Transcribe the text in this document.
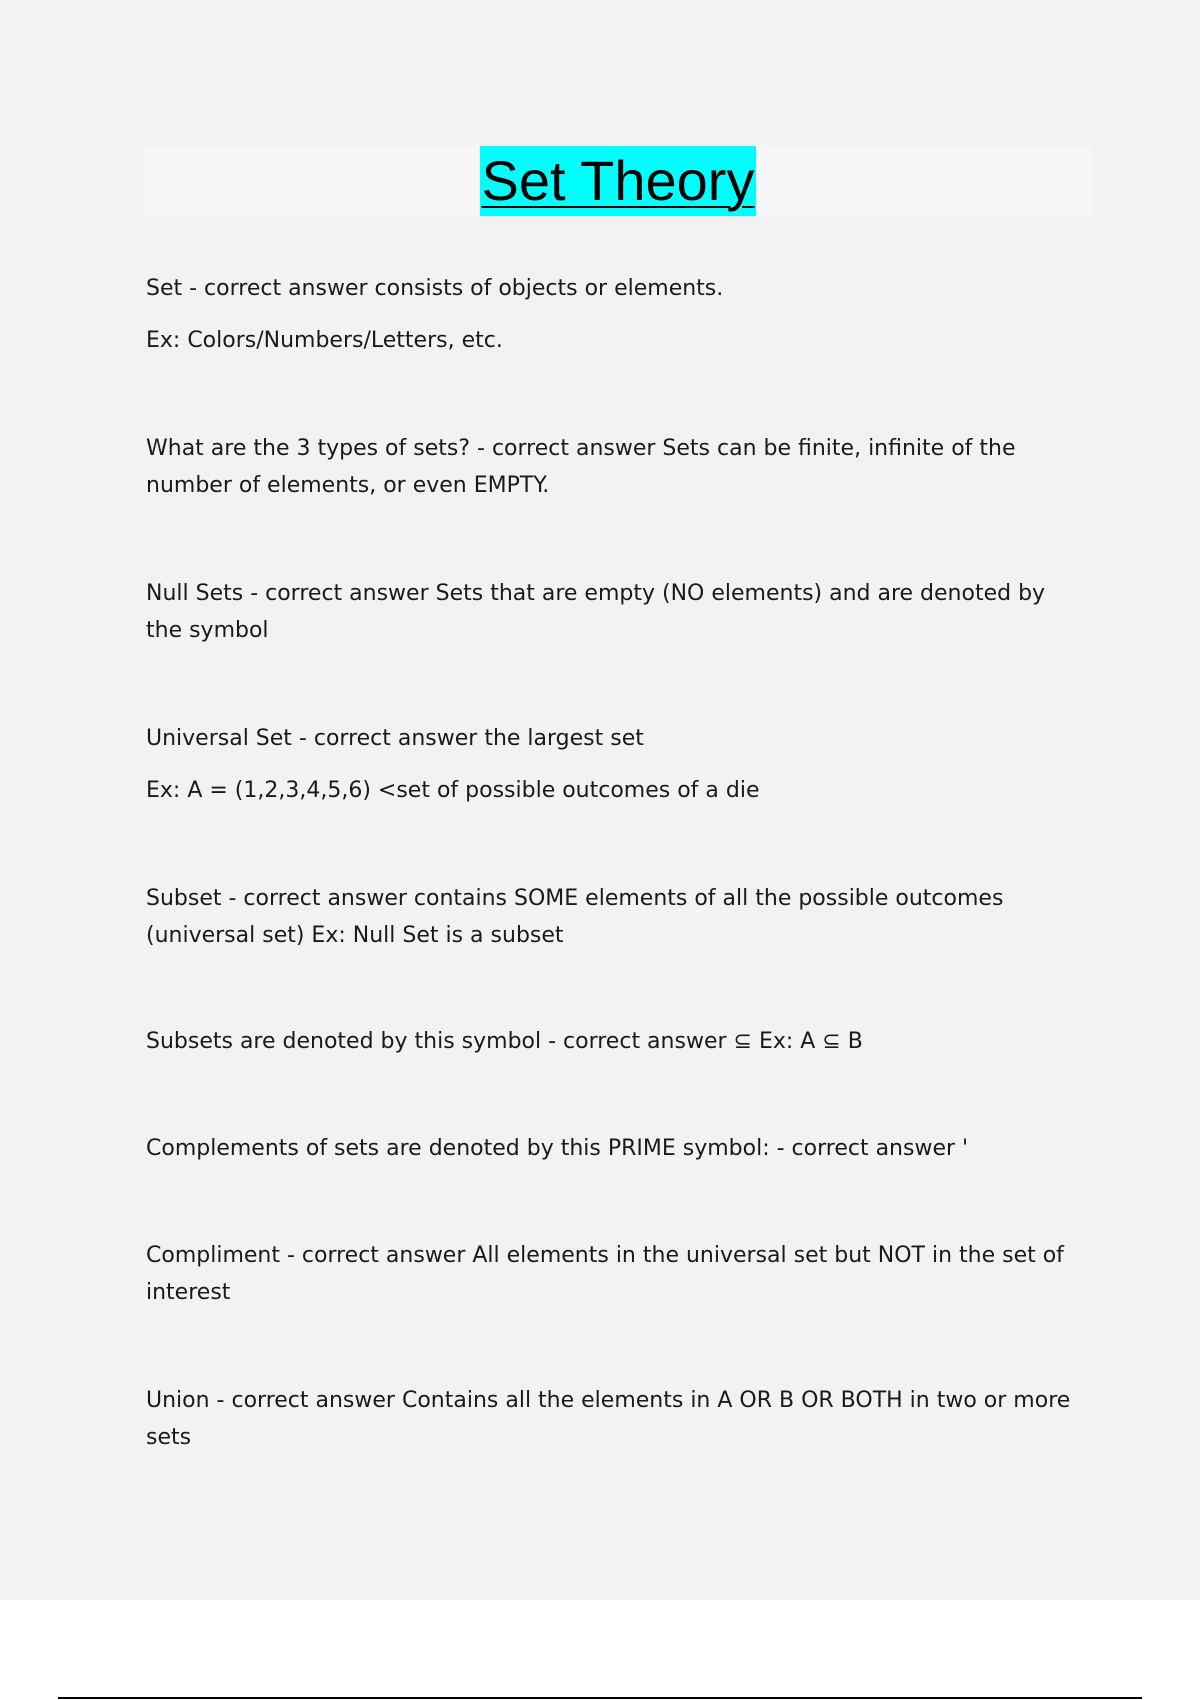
Set Theory

Set - correct answer consists of objects or elements.

Ex: Colors/Numbers/Letters, etc.

What are the 3 types of sets? - correct answer Sets can be finite, infinite of the number of elements, or even EMPTY.

Null Sets - correct answer Sets that are empty (NO elements) and are denoted by the symbol

Universal Set - correct answer the largest set

Ex: A = (1,2,3,4,5,6) <set of possible outcomes of a die

Subset - correct answer contains SOME elements of all the possible outcomes (universal set) Ex: Null Set is a subset

Subsets are denoted by this symbol - correct answer ⊆ Ex: A ⊆ B

Complements of sets are denoted by this PRIME symbol: - correct answer '

Compliment - correct answer All elements in the universal set but NOT in the set of interest

Union - correct answer Contains all the elements in A OR B OR BOTH in two or more sets
